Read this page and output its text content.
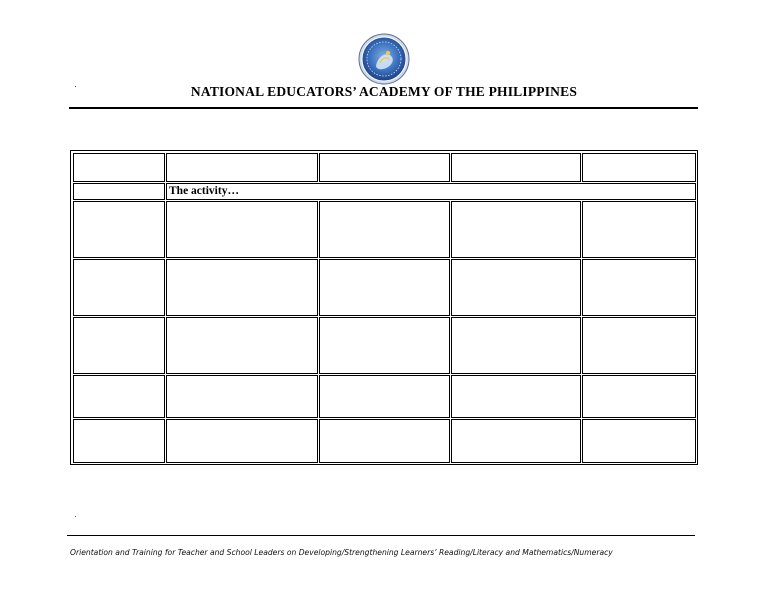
NATIONAL EDUCATORS’ ACADEMY OF THE PHILIPPINES
The activity…
Orientation and Training for Teacher and School Leaders on Developing/Strengthening Learners’ Reading/Literacy and Mathematics/Numeracy
